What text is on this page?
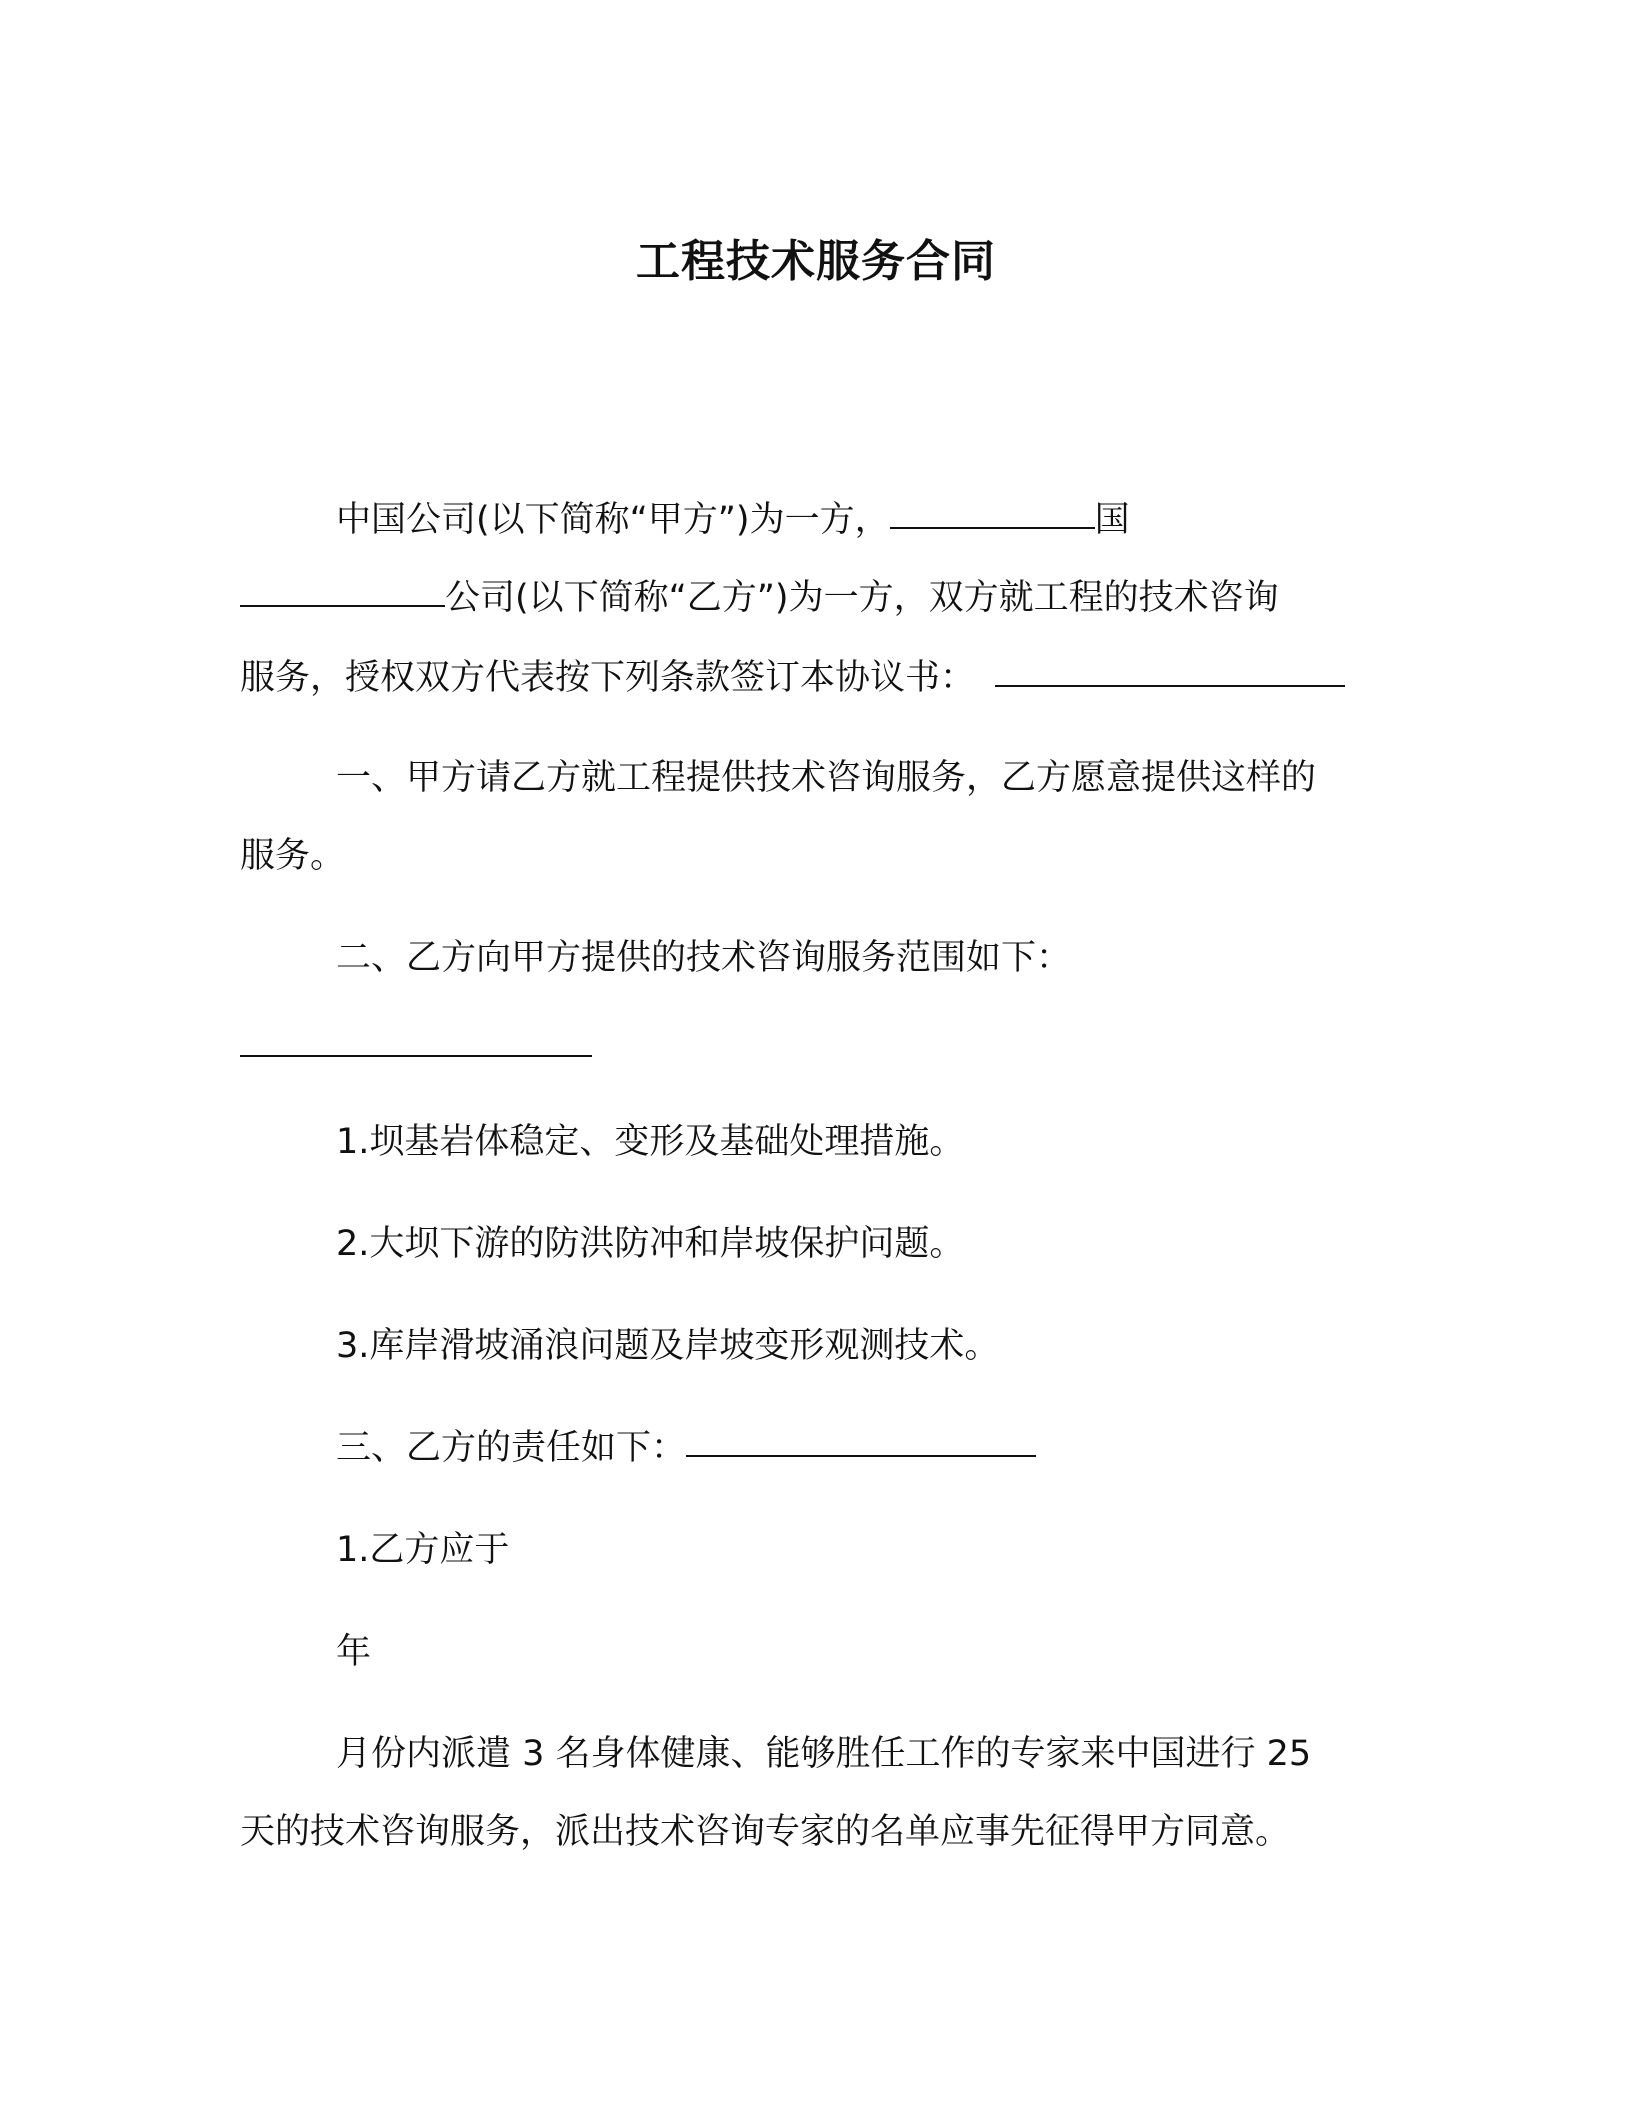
工程技术服务合同

中国公司(以下简称“甲方”)为一方，	国

公司(以下简称“乙方”)为一方，双方就工程的技术咨询

服务，授权双方代表按下列条款签订本协议书：

一、甲方请乙方就工程提供技术咨询服务，乙方愿意提供这样的

服务。

二、乙方向甲方提供的技术咨询服务范围如下：

1.坝基岩体稳定、变形及基础处理措施。

2.大坝下游的防洪防冲和岸坡保护问题。

3.库岸滑坡涌浪问题及岸坡变形观测技术。

三、乙方的责任如下：

1.乙方应于

年

月份内派遣 3 名身体健康、能够胜任工作的专家来中国进行 25

天的技术咨询服务，派出技术咨询专家的名单应事先征得甲方同意。
